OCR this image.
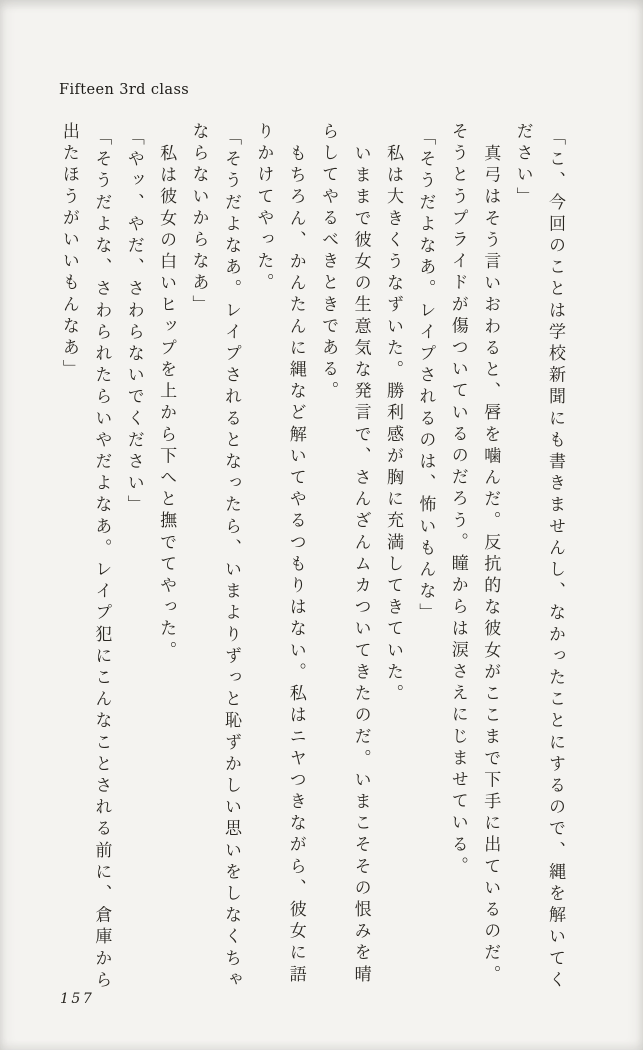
Fifteen 3rd class

「こ、今回のことは学校新聞にも書きませんし、なかったことにするので、縄を解いてく

ださい」

真弓はそう言いおわると、唇を噛んだ。反抗的な彼女がここまで下手に出ているのだ。

そうとうプライドが傷ついているのだろう。瞳からは涙さえにじませている。

「そうだよなあ。レイプされるのは、怖いもんな」

私は大きくうなずいた。勝利感が胸に充満してきていた。

いままで彼女の生意気な発言で、さんざんムカついてきたのだ。いまこそその恨みを晴

らしてやるべきときである。

もちろん、かんたんに縄など解いてやるつもりはない。私はニヤつきながら、彼女に語

りかけてやった。

「そうだよなあ。レイプされるとなったら、いまよりずっと恥ずかしい思いをしなくちゃ

ならないからなあ」

私は彼女の白いヒップを上から下へと撫でてやった。

「やッ、やだ、さわらないでください」

「そうだよな、さわられたらいやだよなあ。レイプ犯にこんなことされる前に、倉庫から

出たほうがいいもんなあ」

157
